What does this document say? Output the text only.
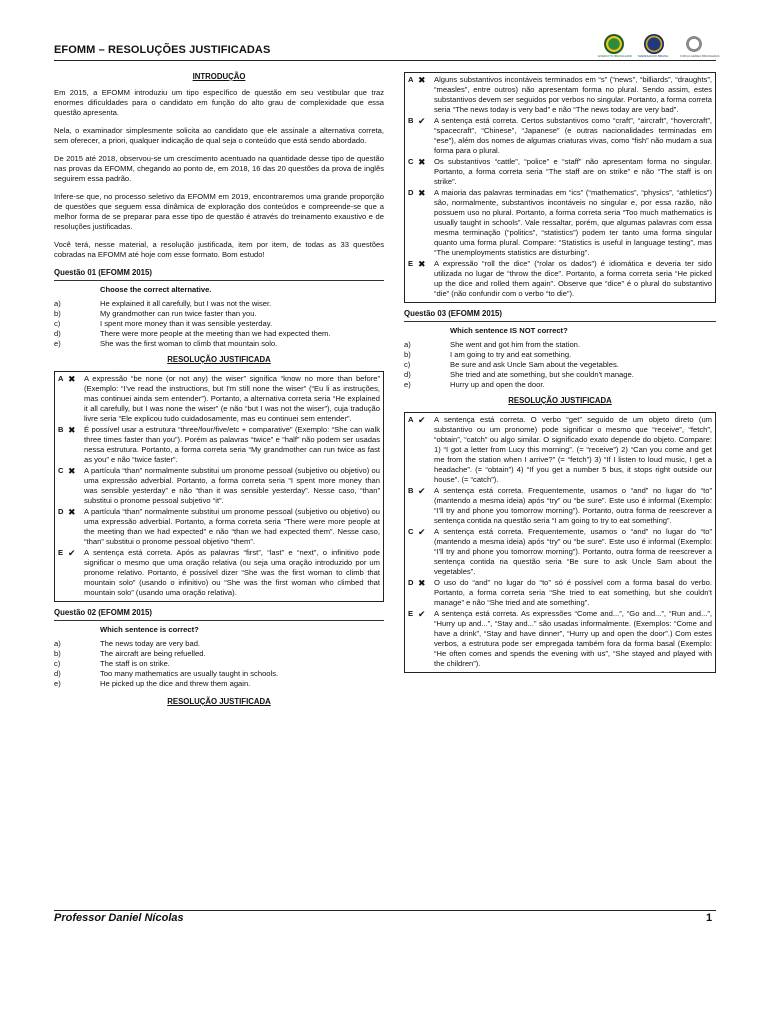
EFOMM – RESOLUÇÕES JUSTIFICADAS	EXÉRCITO BRASILEIRO MARINHA DO BRASIL	FORÇA AÉREA BRASILEIRA
INTRODUÇÃO

Em 2015, a EFOMM introduziu um tipo específico de questão em seu vestibular que traz enormes dificuldades para o candidato em função do alto grau de complexidade que essa questão apresenta.

Nela, o examinador simplesmente solicita ao candidato que ele assinale a alternativa correta, sem oferecer, a priori, qualquer indicação de qual seja o conteúdo que está sendo abordado.

De 2015 até 2018, observou-se um crescimento acentuado na quantidade desse tipo de questão nas provas da EFOMM, chegando ao ponto de, em 2018, 16 das 20 questões da prova de inglês seguirem essa padrão.

Infere-se que, no processo seletivo da EFOMM em 2019, encontraremos uma grande proporção de questões que seguem essa dinâmica de exploração dos conteúdos e compreende-se que a melhor forma de se preparar para esse tipo de questão é através do treinamento exaustivo e de resoluções justificadas.

Você terá, nesse material, a resolução justificada, item por item, de todas as 33 questões cobradas na EFOMM até hoje com esse formato. Bom estudo!

Questão 01 (EFOMM 2015)
Choose the correct alternative.
a)	He explained it all carefully, but I was not the wiser.
b)	My grandmother can run twice faster than you.
c)	I spent more money than it was sensible yesterday.
d)	There were more people at the meeting than we had expected them.
e)	She was the first woman to climb that mountain solo.
RESOLUÇÃO JUSTIFICADA
A ✖	A expressão “be none (or not any) the wiser” significa “know no more than before” (Exemplo: “I've read the instructions, but I'm still none the wiser” (“Eu li as instruções, mas continuei ainda sem entender”). Portanto, a alternativa correta seria “He explained it all carefully, but I was none the wiser” (e não “but I was not the wiser”), cuja tradução livre seria “Ele explicou tudo cuidadosamente, mas eu continuei sem entender”.
B ✖	É possível usar a estrutura “three/four/five/etc + comparative” (Exemplo: “She can walk three times faster than you”). Porém as palavras “twice” e “half” não podem ser usadas nessa estrutura. Portanto, a forma correta seria “My grandmother can run twice as fast as you” e não “twice faster”.
C ✖	A partícula “than” normalmente substitui um pronome pessoal (subjetivo ou objetivo) ou uma expressão adverbial. Portanto, a forma correta seria “I spent more money than was sensible yesterday” e não “than it was sensible yesterday”. Nesse caso, “than” substitui o pronome pessoal subjetivo “it”.
D ✖	A partícula “than” normalmente substitui um pronome pessoal (subjetivo ou objetivo) ou uma expressão adverbial. Portanto, a forma correta seria “There were more people at the meeting than we had expected” e não “than we had expected them”. Nesse caso, “than” substitui o pronome pessoal objetivo “them”.
E ✔	A sentença está correta. Após as palavras “first”, “last” e “next”, o infinitivo pode significar o mesmo que uma oração relativa (ou seja uma oração introduzido por um pronome relativo. Portanto, é possível dizer “She was the first woman to climb that mountain solo” (usando o infinitivo) ou “She was the first woman who climbed that mountain solo” (usando uma oração relativa).
Questão 02 (EFOMM 2015)
Which sentence is correct?
a)	The news today are very bad.
b)	The aircraft are being refuelled.
c)	The staff is on strike.
d)	Too many mathematics are usually taught in schools.
e)	He picked up the dice and threw them again.
RESOLUÇÃO JUSTIFICADA
A ✖	Alguns substantivos incontáveis terminados em “s” (“news”, “billiards”, “draughts”, “measles”, entre outros) não apresentam forma no plural. Sendo assim, estes substantivos devem ser seguidos por verbos no singular. Portanto, a forma correta seria “The news today is very bad” e não “The news today are very bad”.
B ✔	A sentença está correta. Certos substantivos como “craft”, “aircraft”, “hovercraft”, “spacecraft”, “Chinese”, “Japanese” (e outras nacionalidades terminadas em “ese”), além dos nomes de algumas criaturas vivas, como “fish” não mudam a sua forma para o plural.
C ✖	Os substantivos “cattle”, “police” e “staff” não apresentam forma no singular. Portanto, a forma correta seria “The staff are on strike” e não “The staff is on strike”.
D ✖	A maioria das palavras terminadas em “ics” (“mathematics”, “physics”, “athletics”) são, normalmente, substantivos incontáveis no singular e, por essa razão, não possuem uso no plural. Portanto, a forma correta seria “Too much mathematics is usually taught in schools”. Vale ressaltar, porém, que algumas palavras com essa mesma terminação (“politics”, “statistics”) podem ter tanto uma forma singular quanto uma forma plural. Compare: “Statistics is useful in language testing”, mas “The unemployments statistics are disturbing”.
E ✖	A expressão “roll the dice” (“rolar os dados”) é idiomática e deveria ter sido utilizada no lugar de “throw the dice”. Portanto, a forma correta seria “He picked up the dice and rolled them again”. Observe que “dice” é o plural do substantivo “die” (não confundir com o verbo “to die”).
Questão 03 (EFOMM 2015)
Which sentence IS NOT correct?
a)	She went and got him from the station.
b)	I am going to try and eat something.
c)	Be sure and ask Uncle Sam about the vegetables.
d)	She tried and ate something, but she couldn't manage.
e)	Hurry up and open the door.
RESOLUÇÃO JUSTIFICADA
A ✔	A sentença está correta. O verbo “get” seguido de um objeto direto (um substantivo ou um pronome) pode significar o mesmo que “receive”, “fetch”, “obtain”, “catch” ou algo similar. O significado exato depende do objeto. Compare: 1) “I got a letter from Lucy this morning”. (= “receive”) 2) “Can you come and get me from the station when I arrive?” (= “fetch”) 3) “If I listen to loud music, I get a headache”. (= “obtain”) 4) “If you get a number 5 bus, it stops right outside our house”. (= “catch”).
B ✔	A sentença está correta. Frequentemente, usamos o “and” no lugar do “to” (mantendo a mesma ideia) após “try” ou “be sure”. Este uso é informal (Exemplo: “I'll try and phone you tomorrow morning”). Portanto, outra forma de reescrever a sentença contida na questão seria “I am going to try to eat something”.
C ✔	A sentença está correta. Frequentemente, usamos o “and” no lugar do “to” (mantendo a mesma ideia) após “try” ou “be sure”. Este uso é informal (Exemplo: “I'll try and phone you tomorrow morning”). Portanto, outra forma de reescrever a sentença contida na questão seria “Be sure to ask Uncle Sam about the vegetables”.
D ✖	O uso do “and” no lugar do “to” só é possível com a forma basal do verbo. Portanto, a forma correta seria “She tried to eat something, but she couldn't manage” e não “She tried and ate something”.
E ✔	A sentença está correta. As expressões “Come and...”, “Go and...”, “Run and...”, “Hurry up and...”, “Stay and...” são usadas informalmente. (Exemplos: “Come and have a drink”, “Stay and have dinner”, “Hurry up and open the door”.) Com estes verbos, a estrutura pode ser empregada também fora da forma basal (Exemplo: “He often comes and spends the evening with us”, “She stayed and played with the children”).
Professor Daniel Nícolas	1
